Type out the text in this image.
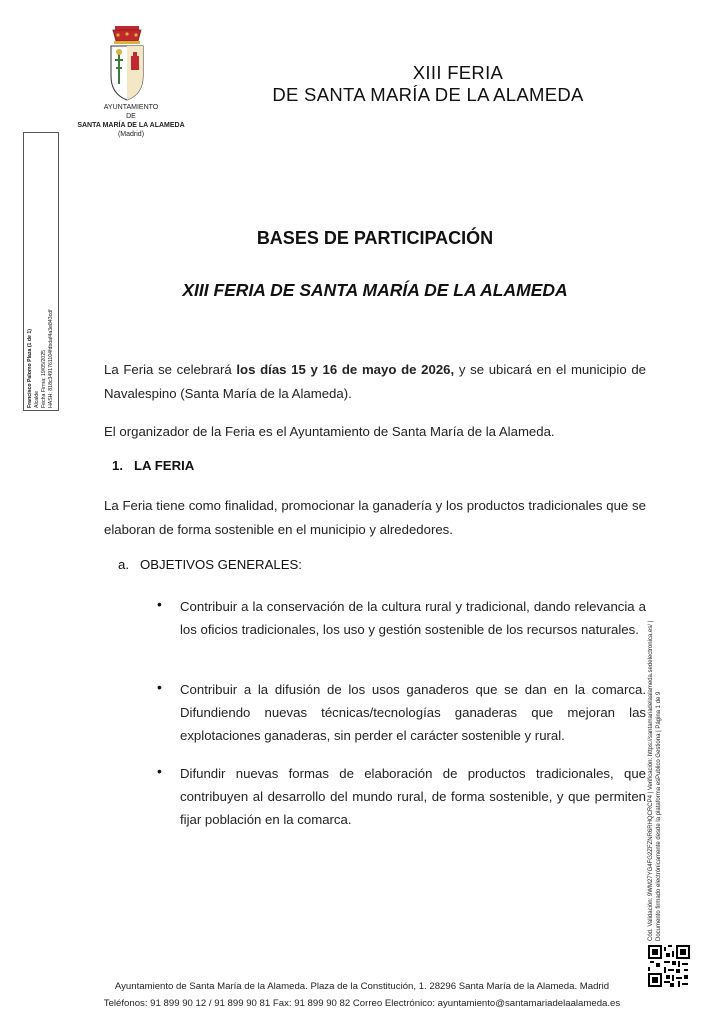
AYUNTAMIENTO
DE
SANTA MARÍA DE LA ALAMEDA
(Madrid)
XIII FERIA
DE SANTA MARÍA DE LA ALAMEDA
Francisco Palomo Plaza (1 de 1) Alcalde Fecha Firma: 19/05/2025 HASH: 818c3491761104fdbdaf4a3e843cdf
BASES DE PARTICIPACIÓN
XIII FERIA DE SANTA MARÍA DE LA ALAMEDA
La Feria se celebrará los días 15 y 16 de mayo de 2026, y se ubicará en el municipio de Navalespino (Santa María de la Alameda).
El organizador de la Feria es el Ayuntamiento de Santa María de la Alameda.
1. LA FERIA
La Feria tiene como finalidad, promocionar la ganadería y los productos tradicionales que se elaboran de forma sostenible en el municipio y alrededores.
a. OBJETIVOS GENERALES:
• Contribuir a la conservación de la cultura rural y tradicional, dando relevancia a los oficios tradicionales, los uso y gestión sostenible de los recursos naturales.
• Contribuir a la difusión de los usos ganaderos que se dan en la comarca. Difundiendo nuevas técnicas/tecnologías ganaderas que mejoran las explotaciones ganaderas, sin perder el carácter sostenible y rural.
• Difundir nuevas formas de elaboración de productos tradicionales, que contribuyen al desarrollo del mundo rural, de forma sostenible, y que permiten fijar población en la comarca.	Cód. Validación: 9WM27YG4FG2ZFZNR6RHQCRCP4 | Verificación: https://santamariadelaalameda.sedelectronica.es/ | Documento firmado electrónicamente desde la plataforma esPublico Gestiona | Página 1 de 9
Ayuntamiento de Santa María de la Alameda. Plaza de la Constitución, 1. 28296 Santa María de la Alameda. Madrid
Teléfonos: 91 899 90 12 / 91 899 90 81 Fax: 91 899 90 82 Correo Electrónico: ayuntamiento@santamariadelaalameda.es
